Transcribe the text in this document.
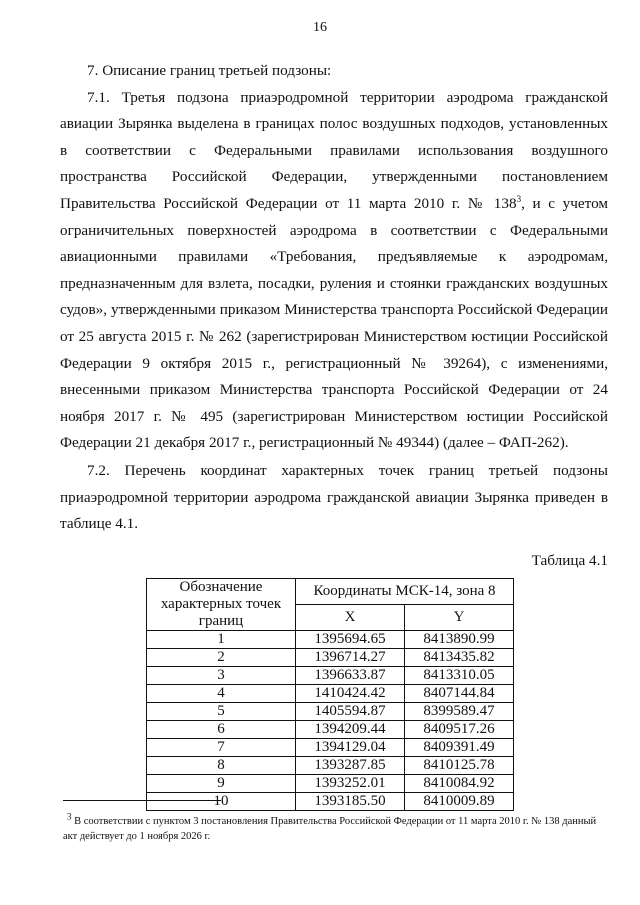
16

7. Описание границ третьей подзоны:

7.1. Третья подзона приаэродромной территории аэродрома гражданской авиации Зырянка выделена в границах полос воздушных подходов, установленных в соответствии с Федеральными правилами использования воздушного пространства Российской Федерации, утвержденными постановлением Правительства Российской Федерации от 11 марта 2010 г. № $138^3$, и с учетом ограничительных поверхностей аэродрома в соответствии с Федеральными авиационными правилами «Требования, предъявляемые к аэродромам, предназначенным для взлета, посадки, руления и стоянки гражданских воздушных судов», утвержденными приказом Министерства транспорта Российской Федерации от 25 августа 2015 г. № 262 (зарегистрирован Министерством юстиции Российской Федерации 9 октября 2015 г., регистрационный № 39264), с изменениями, внесенными приказом Министерства транспорта Российской Федерации от 24 ноября 2017 г. № 495 (зарегистрирован Министерством юстиции Российской Федерации 21 декабря 2017 г., регистрационный № 49344) (далее – ФАП-262).

7.2. Перечень координат характерных точек границ третьей подзоны приаэродромной территории аэродрома гражданской авиации Зырянка приведен в таблице 4.1.

Таблица 4.1
Обозначение характерных точек границ	Координаты МСК-14, зона 8	
	X	Y
1	1395694.65	8413890.99
2	1396714.27	8413435.82
3	1396633.87	8413310.05
4	1410424.42	8407144.84
5	1405594.87	8399589.47
6	1394209.44	8409517.26
7	1394129.04	8409391.49
8	1393287.85	8410125.78
9	1393252.01	8410084.92
10	1393185.50	8410009.89
$^3$ В соответствии с пунктом 3 постановления Правительства Российской Федерации от 11 марта 2010 г. № 138 данный акт действует до 1 ноября 2026 г.
